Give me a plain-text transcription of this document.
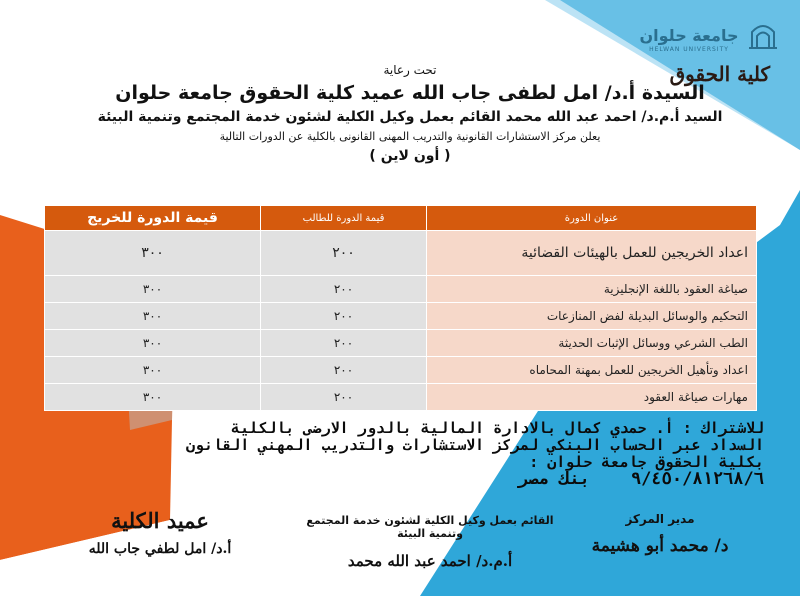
جامعة حلوان
HELWAN UNIVERSITY
كلية الحقوق

تحت رعاية

السيدة أ.د/ امل لطفى جاب الله عميد كلية الحقوق جامعة حلوان

السيد أ.م.د/ احمد عبد الله محمد القائم بعمل وكيل الكلية لشئون خدمة المجتمع وتنمية البيئة

يعلن مركز الاستشارات القانونية والتدريب المهنى القانونى بالكلية عن الدورات التالية

( أون لاين )

عنوان الدورة	قيمة الدورة للطالب	قيمة الدورة للخريج
اعداد الخريجين للعمل بالهيئات القضائية	٢٠٠	٣٠٠
صياغة العقود باللغة الإنجليزية	٢٠٠	٣٠٠
التحكيم والوسائل البديلة لفض المنازعات	٢٠٠	٣٠٠
الطب الشرعي ووسائل الإثبات الحديثة	٢٠٠	٣٠٠
اعداد وتأهيل الخريجين للعمل بمهنة المحاماه	٢٠٠	٣٠٠
مهارات صياغة العقود	٢٠٠	٣٠٠

للاشتراك : أ. حمدي كمال بالادارة المالية بالدور الارضى بالكلية

السداد عبر الحساب البنكي لمركز الاستشارات والتدريب المهني القانون

بكلية الحقوق جامعة حلوان :

٩/٤٥٠/٨١٢٦٨/٦    بنك مصر

مدير المركز
د/ محمد أبو هشيمة
القائم بعمل وكيل الكلية لشئون خدمة المجتمع وتنمية البيئة
أ.م.د/ احمد عبد الله محمد
عميد الكلية
أ.د/ امل لطفي جاب الله
